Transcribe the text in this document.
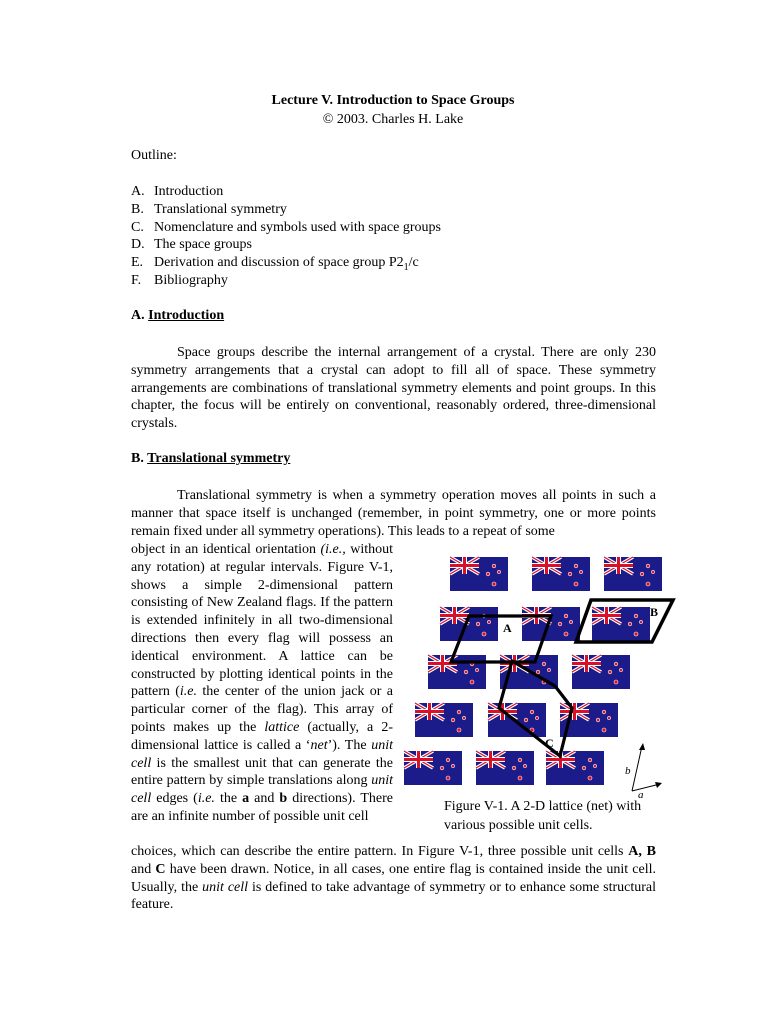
Lecture V. Introduction to Space Groups
© 2003. Charles H. Lake
Outline:
A. Introduction
B. Translational symmetry
C. Nomenclature and symbols used with space groups
D. The space groups
E. Derivation and discussion of space group $P2_1/c$
F. Bibliography
A. Introduction

Space groups describe the internal arrangement of a crystal. There are only 230 symmetry arrangements that a crystal can adopt to fill all of space. These symmetry arrangements are combinations of translational symmetry elements and point groups. In this chapter, the focus will be entirely on conventional, reasonably ordered, three-dimensional crystals.

B. Translational symmetry

Translational symmetry is when a symmetry operation moves all points in such a manner that space itself is unchanged (remember, in point symmetry, one or more points remain fixed under all symmetry operations). This leads to a repeat of some

object in an identical orientation (i.e., without any rotation) at regular intervals. Figure V-1, shows a simple 2-dimensional pattern consisting of New Zealand flags. If the pattern is extended infinitely in all two-dimensional directions then every flag will possess an identical environment. A lattice can be constructed by plotting identical points in the pattern (i.e. the center of the union jack or a particular corner of the flag). This array of points makes up the lattice (actually, a 2-dimensional lattice is called a ‘net’). The unit cell is the smallest unit that can generate the entire pattern by simple translations along unit cell edges (i.e. the a and b directions). There are an infinite number of possible unit cell

choices, which can describe the entire pattern. In Figure V-1, three possible unit cells A, B and C have been drawn. Notice, in all cases, one entire flag is contained inside the unit cell. Usually, the unit cell is defined to take advantage of symmetry or to enhance some structural feature.

A
B
C
a
b
Figure V-1. A 2-D lattice (net) with various possible unit cells.
